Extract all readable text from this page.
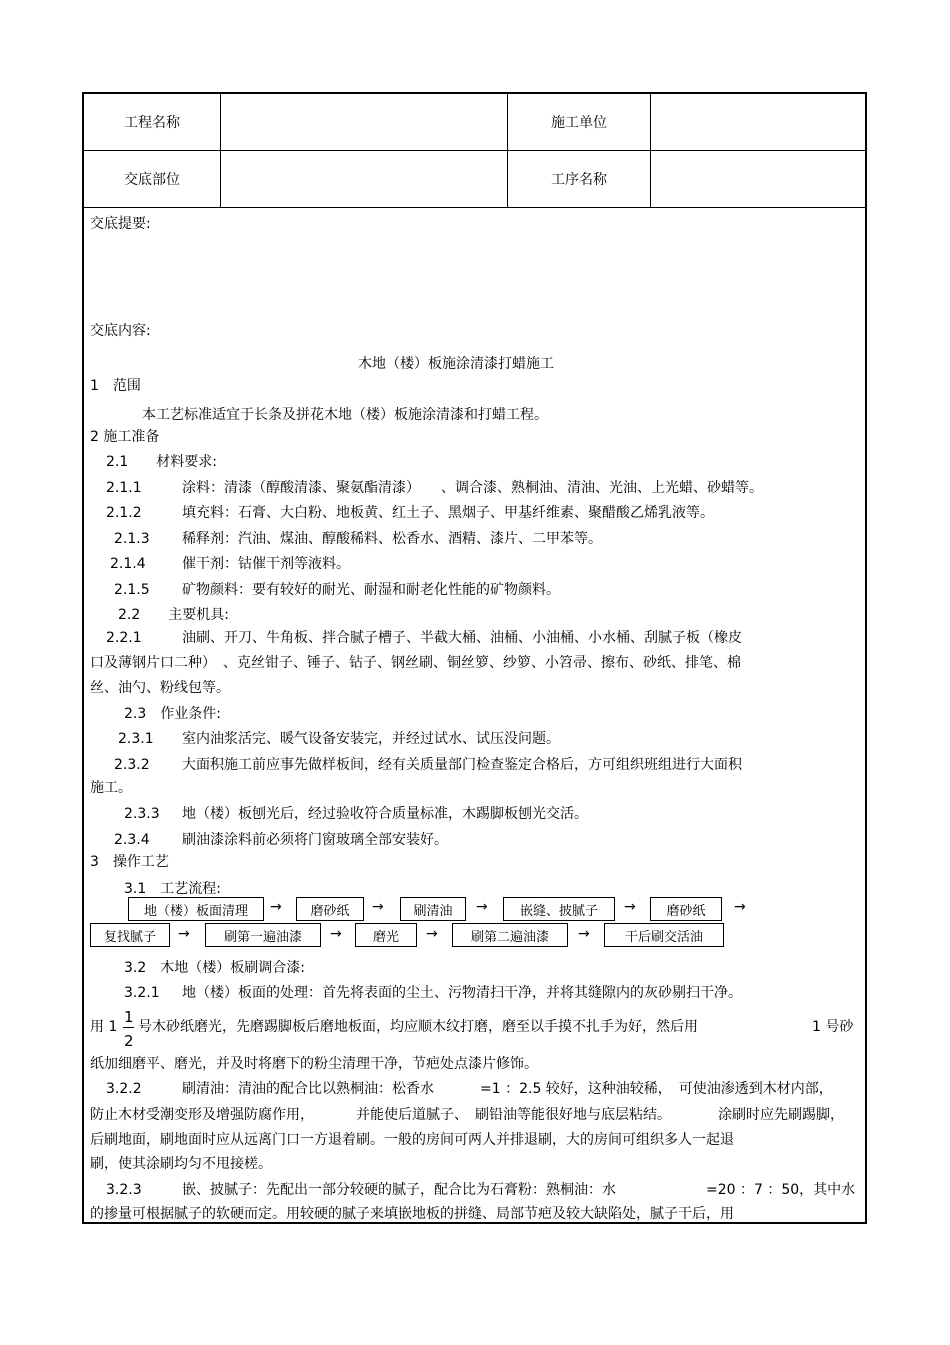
工程名称	施工单位
交底部位	工序名称
交底提要:
交底内容:
木地（楼）板施涂清漆打蜡施工
1　范围
本工艺标准适宜于长条及拼花木地（楼）板施涂清漆和打蜡工程。
2 施工准备
2.1　　材料要求:
2.1.1	涂料：清漆（醇酸清漆、聚氨酯清漆）　　、调合漆、熟桐油、清油、光油、上光蜡、砂蜡等。
2.1.2	填充料：石膏、大白粉、地板黄、红土子、黑烟子、甲基纤维素、聚醋酸乙烯乳液等。
2.1.3 稀释剂：汽油、煤油、醇酸稀料、松香水、酒精、漆片、二甲苯等。
2.1.4	催干剂：钴催干剂等液料。
2.1.5 矿物颜料：要有较好的耐光、耐湿和耐老化性能的矿物颜料。
2.2　　主要机具:
2.2.1	油刷、开刀、牛角板、拌合腻子槽子、半截大桶、油桶、小油桶、小水桶、刮腻子板（橡皮
口及薄钢片口二种）　、克丝钳子、锤子、钻子、钢丝刷、铜丝箩、纱箩、小笤帚、擦布、砂纸、排笔、棉
丝、油勺、粉线包等。
2.3　作业条件:
2.3.1 室内油浆活完、暖气设备安装完，并经过试水、试压没问题。
2.3.2 大面积施工前应事先做样板间，经有关质量部门检查鉴定合格后，方可组织班组进行大面积
施工。
2.3.3 地（楼）板刨光后，经过验收符合质量标准，木踢脚板刨光交活。
2.3.4 刷油漆涂料前必须将门窗玻璃全部安装好。
3　操作工艺
3.1　工艺流程:
地（楼）板面清理	→	磨砂纸	→	刷清油	→	嵌缝、披腻子	→	磨砂纸	→
复找腻子	→	刷第一遍油漆	→	磨光	→	刷第二遍油漆	→	干后刷交活油
3.2　木地（楼）板刷调合漆:
3.2.1 地（楼）板面的处理：首先将表面的尘土、污物清扫干净，并将其缝隙内的灰砂剔扫干净。
用 1
1
2
号木砂纸磨光，先磨踢脚板后磨地板面，均应顺木纹打磨，磨至以手摸不扎手为好，然后用	1 号砂
纸加细磨平、磨光，并及时将磨下的粉尘清理干净，节疤处点漆片修饰。
3.2.2	刷清油：清油的配合比以熟桐油：松香水	=1 ：2.5 较好，这种油较稀，　可使油渗透到木材内部，
防止木材受潮变形及增强防腐作用，	并能使后道腻子、　刷铅油等能很好地与底层粘结。	涂刷时应先刷踢脚，
后刷地面，刷地面时应从远离门口一方退着刷。一般的房间可两人并排退刷，大的房间可组织多人一起退
刷，使其涂刷均匀不甩接槎。
3.2.3	嵌、披腻子：先配出一部分较硬的腻子，配合比为石膏粉：熟桐油：水	=20 ：7 ：50，其中水
的掺量可根据腻子的软硬而定。用较硬的腻子来填嵌地板的拼缝、局部节疤及较大缺陷处，腻子干后，用
